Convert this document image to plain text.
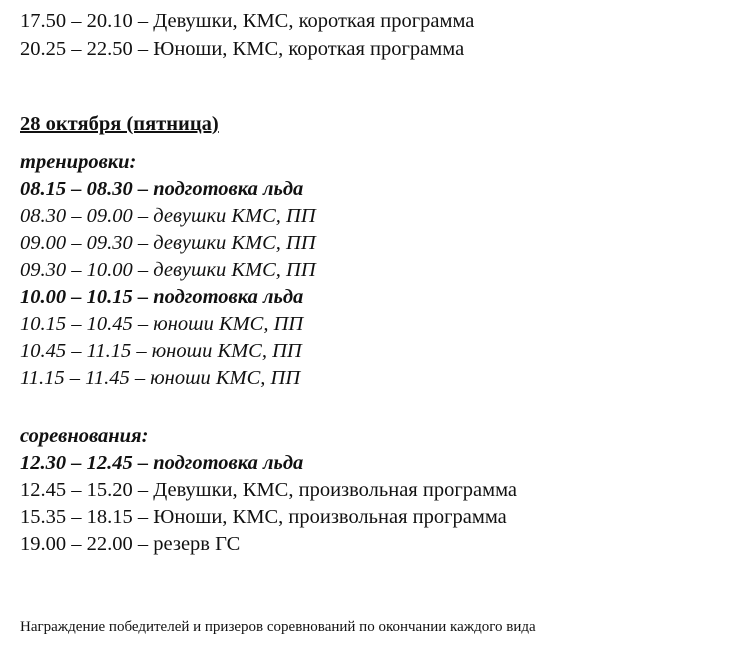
17.50 – 20.10 – Девушки, КМС, короткая программа
20.25 – 22.50 – Юноши, КМС, короткая программа
28 октября (пятница)
тренировки:
08.15 – 08.30 – подготовка льда
08.30 – 09.00 – девушки КМС, ПП
09.00 – 09.30 – девушки КМС, ПП
09.30 – 10.00 – девушки КМС, ПП
10.00 – 10.15 – подготовка льда
10.15 – 10.45 – юноши КМС, ПП
10.45 – 11.15 – юноши КМС, ПП
11.15 – 11.45 – юноши КМС, ПП
соревнования:
12.30 – 12.45 – подготовка льда
12.45 – 15.20 – Девушки, КМС, произвольная программа
15.35 – 18.15 – Юноши, КМС, произвольная программа
19.00 – 22.00 – резерв ГС
Награждение победителей и призеров соревнований по окончании каждого вида
